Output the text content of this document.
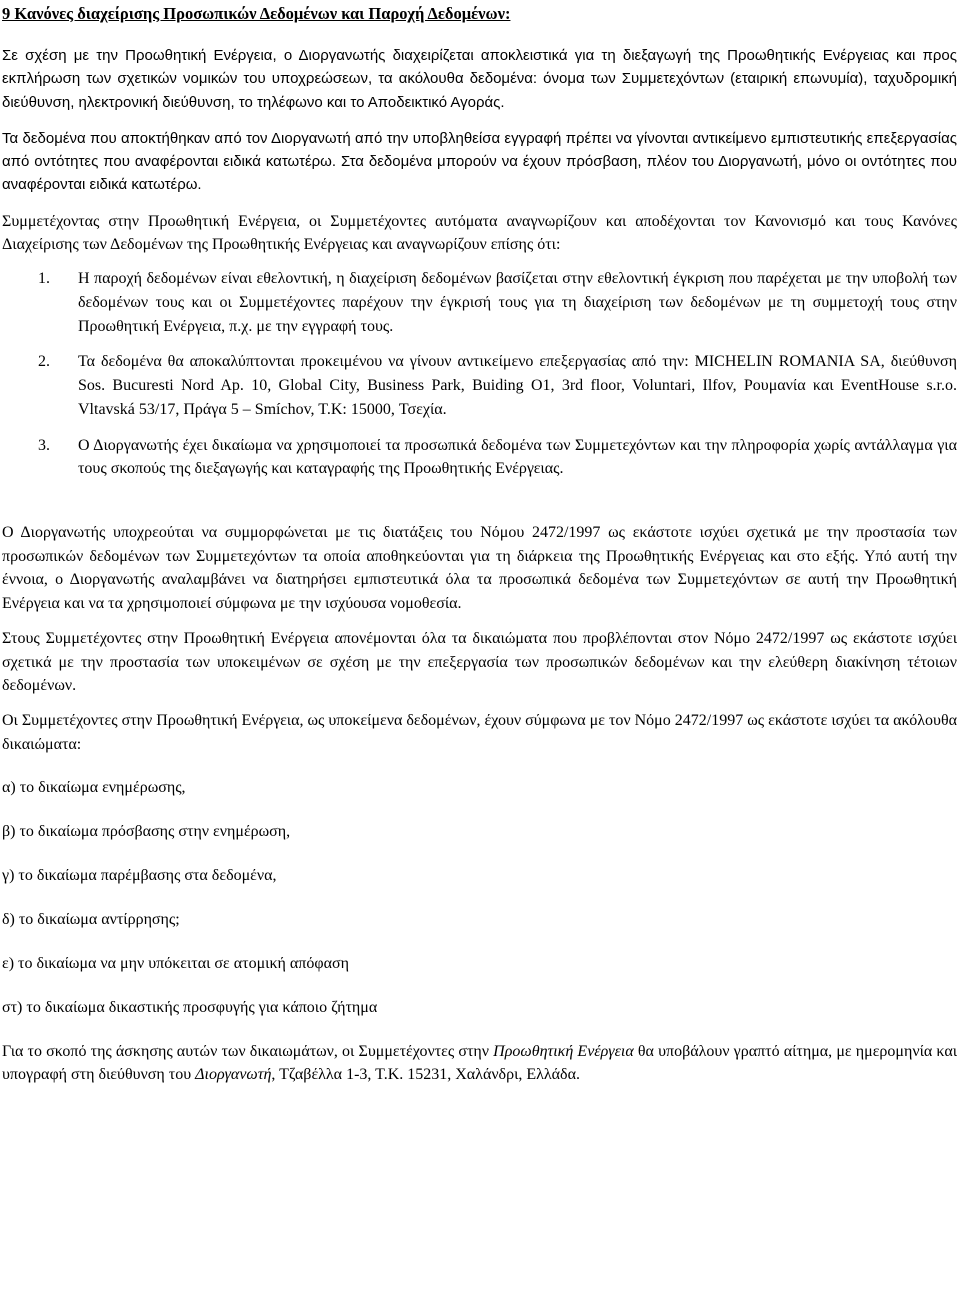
9 Κανόνες διαχείρισης Προσωπικών Δεδομένων και Παροχή Δεδομένων:

Σε σχέση με την Προωθητική Ενέργεια, ο Διοργανωτής διαχειρίζεται αποκλειστικά για τη διεξαγωγή της Προωθητικής Ενέργειας και προς εκπλήρωση των σχετικών νομικών του υποχρεώσεων, τα ακόλουθα δεδομένα: όνομα των Συμμετεχόντων (εταιρική επωνυμία), ταχυδρομική διεύθυνση, ηλεκτρονική διεύθυνση, το τηλέφωνο και το Αποδεικτικό Αγοράς.

Τα δεδομένα που αποκτήθηκαν από τον Διοργανωτή από την υποβληθείσα εγγραφή πρέπει να γίνονται αντικείμενο εμπιστευτικής επεξεργασίας από οντότητες που αναφέρονται ειδικά κατωτέρω. Στα δεδομένα μπορούν να έχουν πρόσβαση, πλέον του Διοργανωτή, μόνο οι οντότητες που αναφέρονται ειδικά κατωτέρω.

Συμμετέχοντας στην Προωθητική Ενέργεια, οι Συμμετέχοντες αυτόματα αναγνωρίζουν και αποδέχονται τον Κανονισμό και τους Κανόνες Διαχείρισης των Δεδομένων της Προωθητικής Ενέργειας και αναγνωρίζουν επίσης ότι:

1. Η παροχή δεδομένων είναι εθελοντική, η διαχείριση δεδομένων βασίζεται στην εθελοντική έγκριση που παρέχεται με την υποβολή των δεδομένων τους και οι Συμμετέχοντες παρέχουν την έγκρισή τους για τη διαχείριση των δεδομένων με τη συμμετοχή τους στην Προωθητική Ενέργεια, π.χ. με την εγγραφή τους.
2. Τα δεδομένα θα αποκαλύπτονται προκειμένου να γίνουν αντικείμενο επεξεργασίας από την: MICHELIN ROMANIA SA, διεύθυνση Sos. Bucuresti Nord Ap. 10, Global City, Business Park, Buiding O1, 3rd floor, Voluntari, Ilfov, Ρουμανία και EventHouse s.r.o. Vltavská 53/17, Πράγα 5 – Smíchov, T.K: 15000, Τσεχία.
3. Ο Διοργανωτής έχει δικαίωμα να χρησιμοποιεί τα προσωπικά δεδομένα των Συμμετεχόντων και την πληροφορία χωρίς αντάλλαγμα για τους σκοπούς της διεξαγωγής και καταγραφής της Προωθητικής Ενέργειας.

Ο Διοργανωτής υποχρεούται να συμμορφώνεται με τις διατάξεις του Νόμου 2472/1997 ως εκάστοτε ισχύει σχετικά με την προστασία των προσωπικών δεδομένων των Συμμετεχόντων τα οποία αποθηκεύονται για τη διάρκεια της Προωθητικής Ενέργειας και στο εξής. Υπό αυτή την έννοια, ο Διοργανωτής αναλαμβάνει να διατηρήσει εμπιστευτικά όλα τα προσωπικά δεδομένα των Συμμετεχόντων σε αυτή την Προωθητική Ενέργεια και να τα χρησιμοποιεί σύμφωνα με την ισχύουσα νομοθεσία.

Στους Συμμετέχοντες στην Προωθητική Ενέργεια απονέμονται όλα τα δικαιώματα που προβλέπονται στον Νόμο 2472/1997 ως εκάστοτε ισχύει σχετικά με την προστασία των υποκειμένων σε σχέση με την επεξεργασία των προσωπικών δεδομένων και την ελεύθερη διακίνηση τέτοιων δεδομένων.

Οι Συμμετέχοντες στην Προωθητική Ενέργεια, ως υποκείμενα δεδομένων, έχουν σύμφωνα με τον Νόμο 2472/1997 ως εκάστοτε ισχύει τα ακόλουθα δικαιώματα:

α) το δικαίωμα ενημέρωσης,
β) το δικαίωμα πρόσβασης στην ενημέρωση,
γ) το δικαίωμα παρέμβασης στα δεδομένα,
δ) το δικαίωμα αντίρρησης;
ε) το δικαίωμα να μην υπόκειται σε ατομική απόφαση
στ) το δικαίωμα δικαστικής προσφυγής για κάποιο ζήτημα

Για το σκοπό της άσκησης αυτών των δικαιωμάτων, οι Συμμετέχοντες στην Προωθητική Ενέργεια θα υποβάλουν γραπτό αίτημα, με ημερομηνία και υπογραφή στη διεύθυνση του Διοργανωτή, Τζαβέλλα 1-3, Τ.Κ. 15231, Χαλάνδρι, Ελλάδα.
